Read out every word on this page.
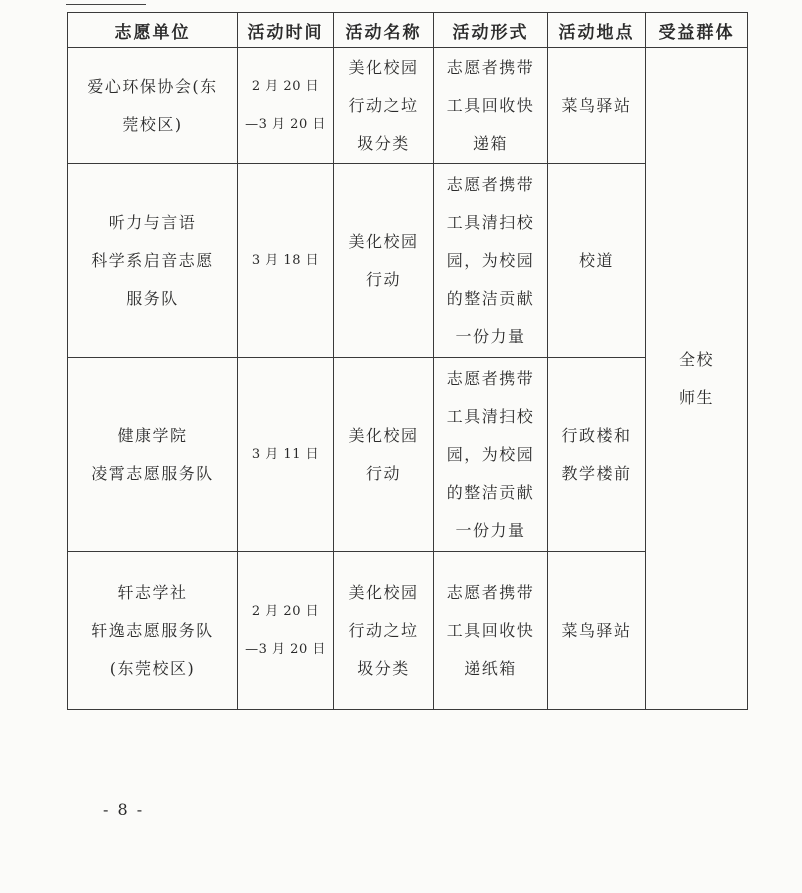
志愿单位	活动时间	活动名称	活动形式	活动地点	受益群体

爱心环保协会(东
莞校区)	2 月 20 日
—3 月 20 日	美化校园
行动之垃
圾分类	志愿者携带
工具回收快
递箱	菜鸟驿站	全校
师生

听力与言语
科学系启音志愿
服务队	3 月 18 日	美化校园
行动	志愿者携带
工具清扫校
园，为校园
的整洁贡献
一份力量	校道	

健康学院
凌霄志愿服务队	3 月 11 日	美化校园
行动	志愿者携带
工具清扫校
园，为校园
的整洁贡献
一份力量	行政楼和
教学楼前	

轩志学社
轩逸志愿服务队
(东莞校区)	2 月 20 日
—3 月 20 日	美化校园
行动之垃
圾分类	志愿者携带
工具回收快
递纸箱	菜鸟驿站	
- 8 -
